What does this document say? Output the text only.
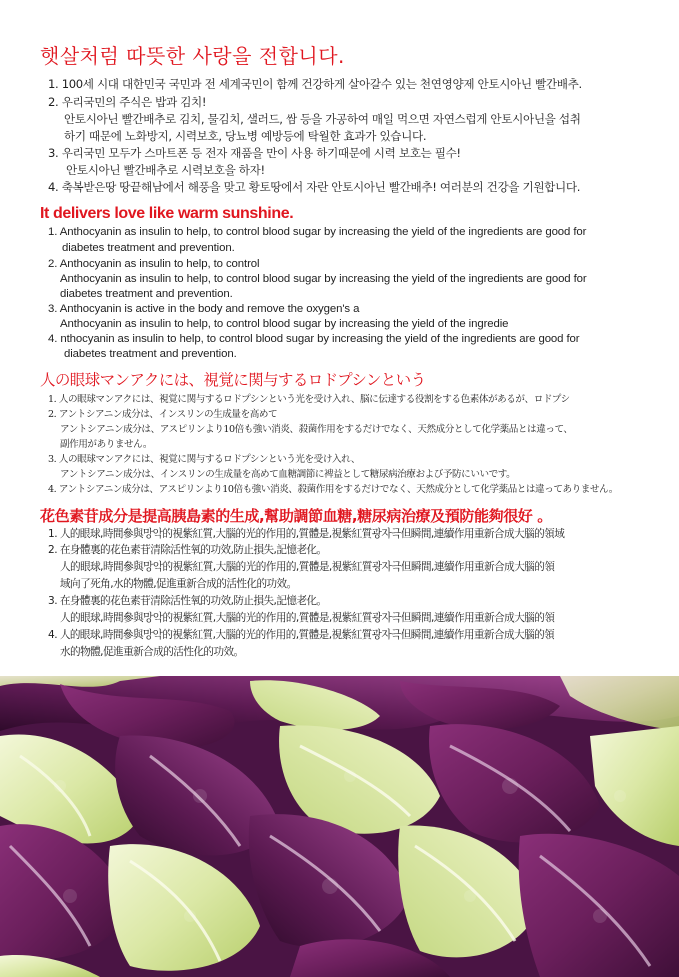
햇살처럼 따뜻한 사랑을 전합니다.
1. 100세 시대 대한민국 국민과 전 세계국민이 함께 건강하게 살아갈수 있는 천연영양제 안토시아닌 빨간배추.
2. 우리국민의 주식은 밥과 김치!
안토시아닌 빨간배추로 김치, 물김치, 샐러드, 쌈 등을 가공하여 매일 먹으면 자연스럽게 안토시아닌을 섭취
하기 때문에 노화방지, 시력보호, 당뇨병 예방등에 탁월한 효과가 있습니다.
3. 우리국민 모두가 스마트폰 등 전자 재품을 만이 사용 하기때문에 시력 보호는 필수!
안토시아닌 빨간배추로 시력보호을 하자!
4. 축복받은땅 땅끝해남에서 해풍을 맞고 황토땅에서 자란 안토시아닌 빨간배추! 여러분의 건강을 기원합니다.
It delivers love like warm sunshine.
1. Anthocyanin as insulin to help, to control blood sugar by increasing the yield of the ingredients are good for
diabetes treatment and prevention.
2. Anthocyanin as insulin to help, to control
Anthocyanin as insulin to help, to control blood sugar by increasing the yield of the ingredients are good for
diabetes treatment and prevention.
3. Anthocyanin is active in the body and remove the oxygen's a
Anthocyanin as insulin to help, to control blood sugar by increasing the yield of the ingredie
4. nthocyanin as insulin to help, to control blood sugar by increasing the yield of the ingredients are good for
diabetes treatment and prevention.
人の眼球マンアクには、視覚に関与するロドプシンという
1. 人の眼球マンアクには、視覚に関与するロドプシンという光を受け入れ、脳に伝達する役割をする色素体があるが、ロドプシ
2. アントシアニン成分は、インスリンの生成量を高めて
アントシアニン成分は、アスピリンより10倍も強い消炎、殺菌作用をするだけでなく、天然成分として化学薬品とは違って、
副作用がありません。
3. 人の眼球マンアクには、視覚に関与するロドプシンという光を受け入れ、
アントシアニン成分は、インスリンの生成量を高めて血糖調節に裨益として糖尿病治療および予防にいいです。
4. アントシアニン成分は、アスピリンより10倍も強い消炎、殺菌作用をするだけでなく、天然成分として化学薬品とは違ってありません。
花色素苷成分是提高胰島素的生成,幫助調節血糖,糖尿病治療及預防能夠很好 。
1. 人的眼球,時間參與망악的視紫紅質,大腦的光的作用的,質體是,視紫紅質광자극但瞬間,連續作用重新合成大腦的領域
2. 在身體裏的花色素苷清除活性氧的功效,防止損失,記憶老化。
人的眼球,時間參與망악的視紫紅質,大腦的光的作用的,質體是,視紫紅質광자극但瞬間,連續作用重新合成大腦的領
域向了死角,水的物體,促進重新合成的活性化的功效。
3. 在身體裏的花色素苷清除活性氧的功效,防止損失,記憶老化。
人的眼球,時間參與망악的視紫紅質,大腦的光的作用的,質體是,視紫紅質광자극但瞬間,連續作用重新合成大腦的領
4. 人的眼球,時間參與망악的視紫紅質,大腦的光的作用的,質體是,視紫紅質광자극但瞬間,連續作用重新合成大腦的領
水的物體,促進重新合成的活性化的功效。
